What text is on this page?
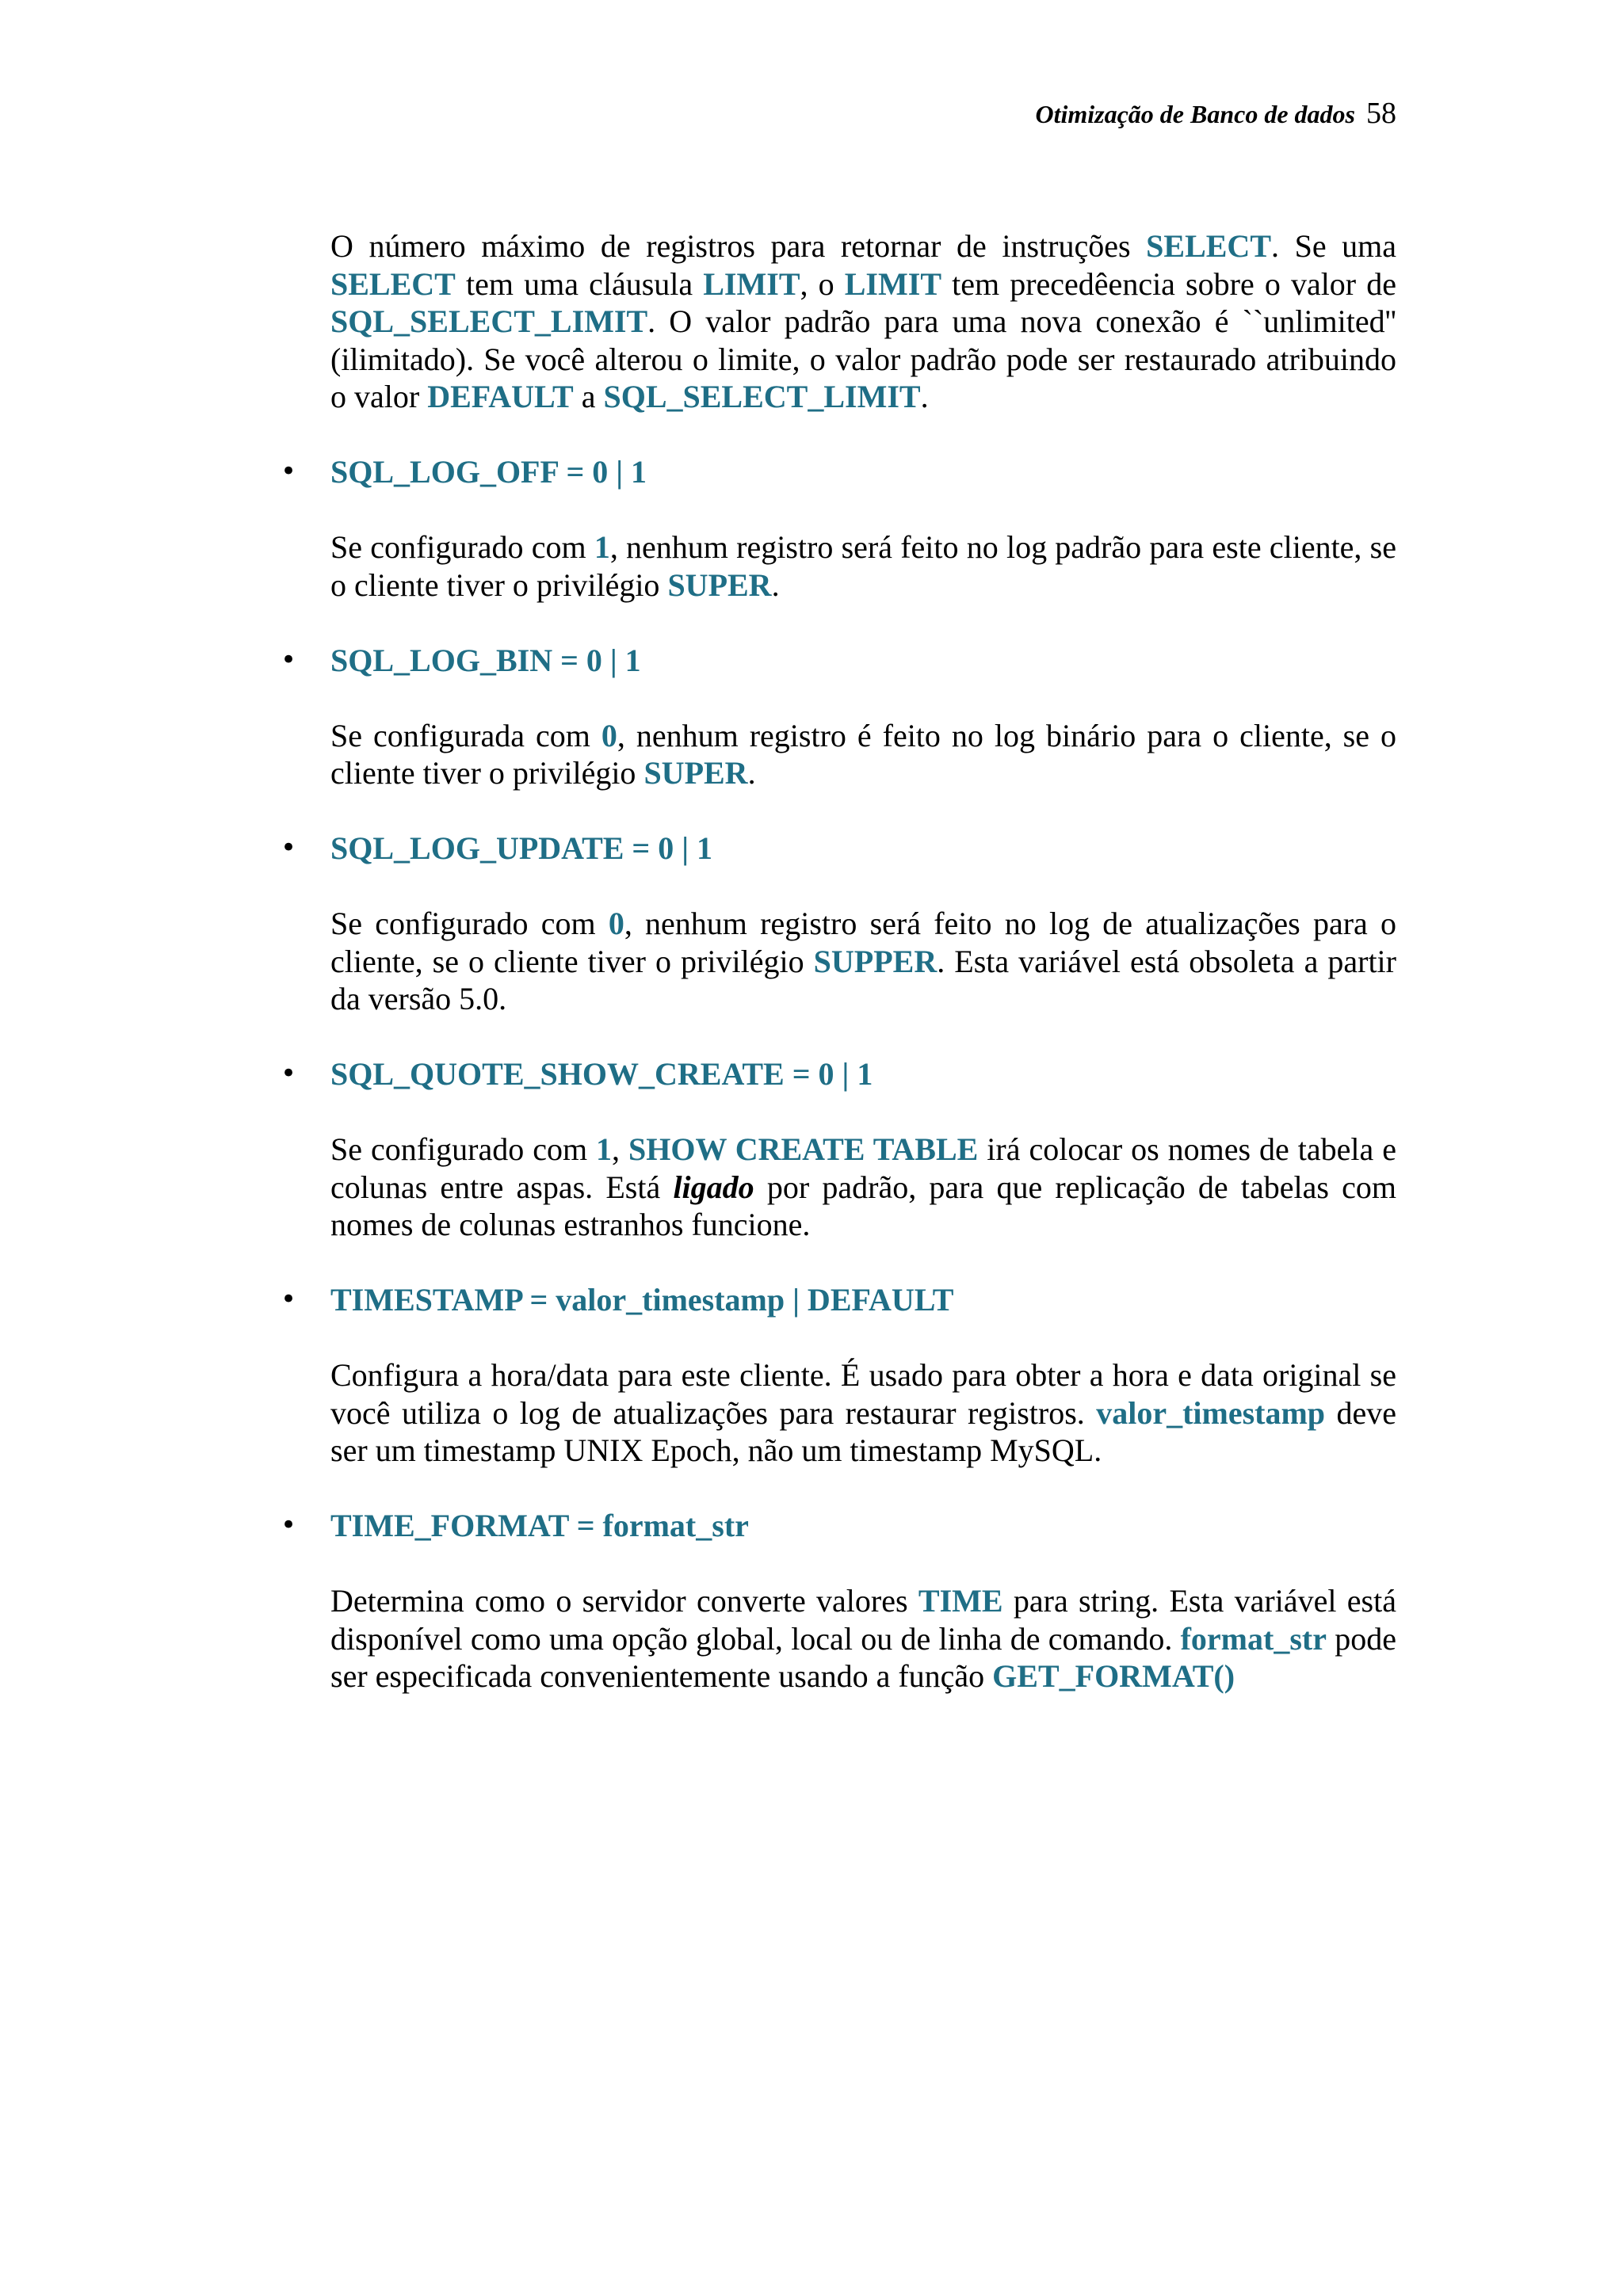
Otimização de Banco de dados 58

O número máximo de registros para retornar de instruções SELECT. Se uma SELECT tem uma cláusula LIMIT, o LIMIT tem precedêencia sobre o valor de SQL_SELECT_LIMIT. O valor padrão para uma nova conexão é ``unlimited'' (ilimitado). Se você alterou o limite, o valor padrão pode ser restaurado atribuindo o valor DEFAULT a SQL_SELECT_LIMIT.

• SQL_LOG_OFF = 0 | 1

Se configurado com 1, nenhum registro será feito no log padrão para este cliente, se o cliente tiver o privilégio SUPER.

• SQL_LOG_BIN = 0 | 1

Se configurada com 0, nenhum registro é feito no log binário para o cliente, se o cliente tiver o privilégio SUPER.

• SQL_LOG_UPDATE = 0 | 1

Se configurado com 0, nenhum registro será feito no log de atualizações para o cliente, se o cliente tiver o privilégio SUPPER. Esta variável está obsoleta a partir da versão 5.0.

• SQL_QUOTE_SHOW_CREATE = 0 | 1

Se configurado com 1, SHOW CREATE TABLE irá colocar os nomes de tabela e colunas entre aspas. Está ligado por padrão, para que replicação de tabelas com nomes de colunas estranhos funcione.

• TIMESTAMP = valor_timestamp | DEFAULT

Configura a hora/data para este cliente. É usado para obter a hora e data original se você utiliza o log de atualizações para restaurar registros. valor_timestamp deve ser um timestamp UNIX Epoch, não um timestamp MySQL.

• TIME_FORMAT = format_str

Determina como o servidor converte valores TIME para string. Esta variável está disponível como uma opção global, local ou de linha de comando. format_str pode ser especificada convenientemente usando a função GET_FORMAT()
